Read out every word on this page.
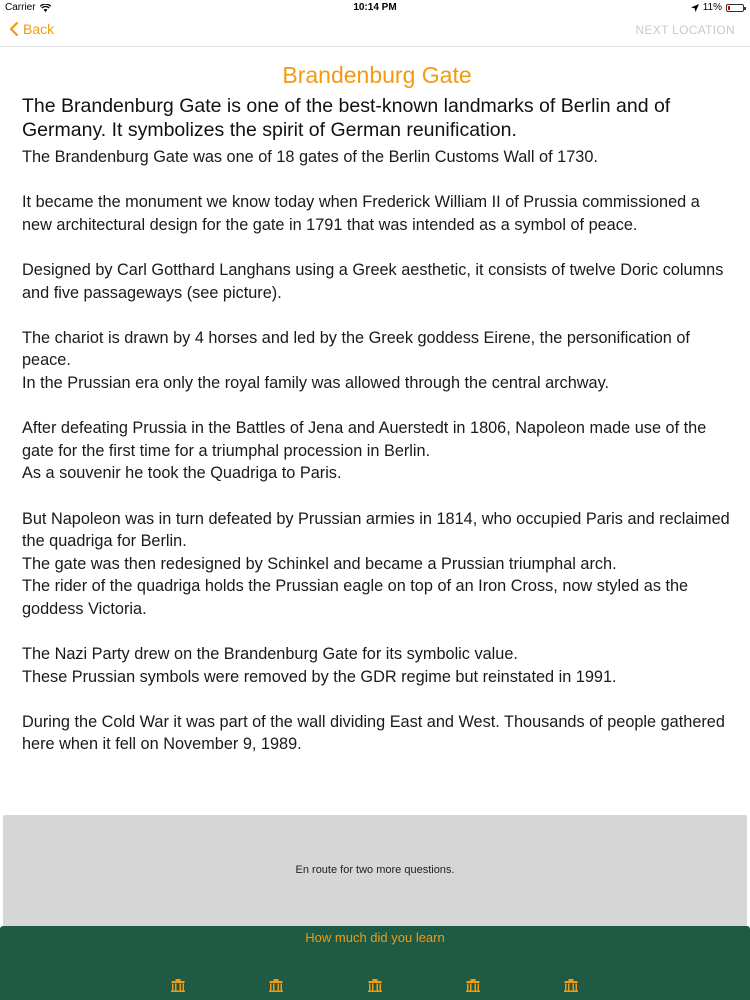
Carrier	10:14 PM	11%
Back	NEXT LOCATION
Brandenburg Gate
The Brandenburg Gate is one of the best-known landmarks of Berlin and of Germany. It symbolizes the spirit of German reunification.

The Brandenburg Gate was one of 18 gates of the Berlin Customs Wall of 1730.

It became the monument we know today when Frederick William II of Prussia commissioned a new architectural design for the gate in 1791 that was intended as a symbol of peace.

Designed by Carl Gotthard Langhans using a Greek aesthetic, it consists of twelve Doric columns and five passageways (see picture).

The chariot is drawn by 4 horses and led by the Greek goddess Eirene, the personification of peace.

In the Prussian era only the royal family was allowed through the central archway.

After defeating Prussia in the Battles of Jena and Auerstedt in 1806, Napoleon made use of the gate for the first time for a triumphal procession in Berlin.

As a souvenir he took the Quadriga to Paris.

But Napoleon was in turn defeated by Prussian armies in 1814, who occupied Paris and reclaimed the quadriga for Berlin.

The gate was then redesigned by Schinkel and became a Prussian triumphal arch.

The rider of the quadriga holds the Prussian eagle on top of an Iron Cross, now styled as the goddess Victoria.

The Nazi Party drew on the Brandenburg Gate for its symbolic value.

These Prussian symbols were removed by the GDR regime but reinstated in 1991.

During the Cold War it was part of the wall dividing East and West. Thousands of people gathered here when it fell on November 9, 1989.

En route for two more questions.
How much did you learn
